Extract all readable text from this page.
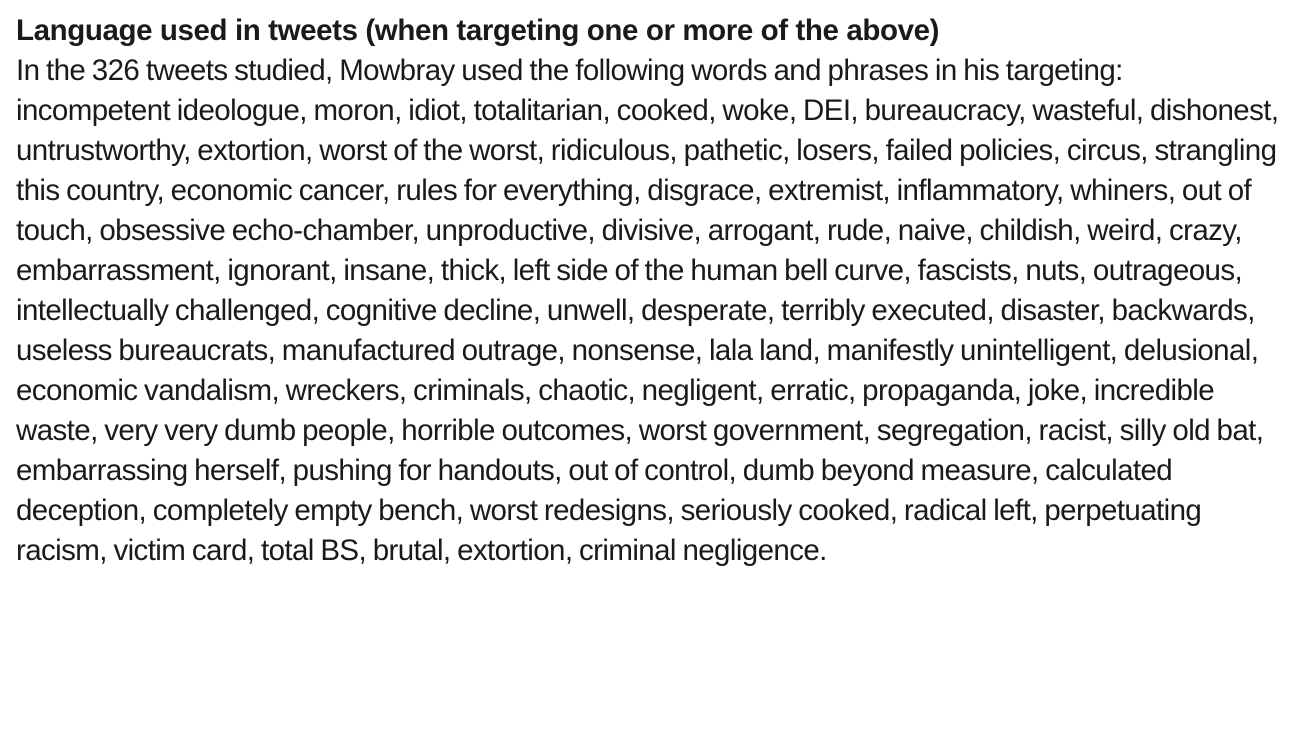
Language used in tweets (when targeting one or more of the above)

In the 326 tweets studied, Mowbray used the following words and phrases in his targeting: incompetent ideologue, moron, idiot, totalitarian, cooked, woke, DEI, bureaucracy, wasteful, dishonest, untrustworthy, extortion, worst of the worst, ridiculous, pathetic, losers, failed policies, circus, strangling this country, economic cancer, rules for everything, disgrace, extremist, inflammatory, whiners, out of touch, obsessive echo-chamber, unproductive, divisive, arrogant, rude, naive, childish, weird, crazy, embarrassment, ignorant, insane, thick, left side of the human bell curve, fascists, nuts, outrageous, intellectually challenged, cognitive decline, unwell, desperate, terribly executed, disaster, backwards, useless bureaucrats, manufactured outrage, nonsense, lala land, manifestly unintelligent, delusional, economic vandalism, wreckers, criminals, chaotic, negligent, erratic, propaganda, joke, incredible waste, very very dumb people, horrible outcomes, worst government, segregation, racist, silly old bat, embarrassing herself, pushing for handouts, out of control, dumb beyond measure, calculated deception, completely empty bench, worst redesigns, seriously cooked, radical left, perpetuating racism, victim card, total BS, brutal, extortion, criminal negligence.
